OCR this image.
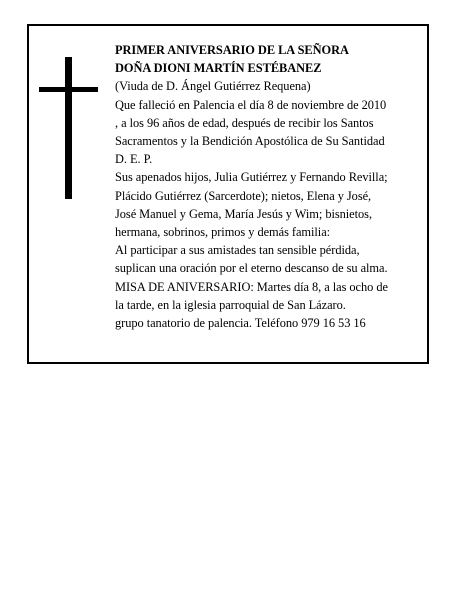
PRIMER ANIVERSARIO DE LA SEÑORA
DOÑA DIONI MARTÍN ESTÉBANEZ
(Viuda de D. Ángel Gutiérrez Requena)
Que falleció en Palencia el día 8 de noviembre de 2010
, a los 96 años de edad, después de recibir los Santos
Sacramentos y la Bendición Apostólica de Su Santidad
D. E. P.
Sus apenados hijos, Julia Gutiérrez y Fernando Revilla;
Plácido Gutiérrez (Sarcerdote); nietos, Elena y José,
José Manuel y Gema, María Jesús y Wim; bisnietos,
hermana, sobrinos, primos y demás familia:
Al participar a sus amistades tan sensible pérdida,
suplican una oración por el eterno descanso de su alma.
MISA DE ANIVERSARIO: Martes día 8, a las ocho de
la tarde, en la iglesia parroquial de San Lázaro.
grupo tanatorio de palencia. Teléfono 979 16 53 16
